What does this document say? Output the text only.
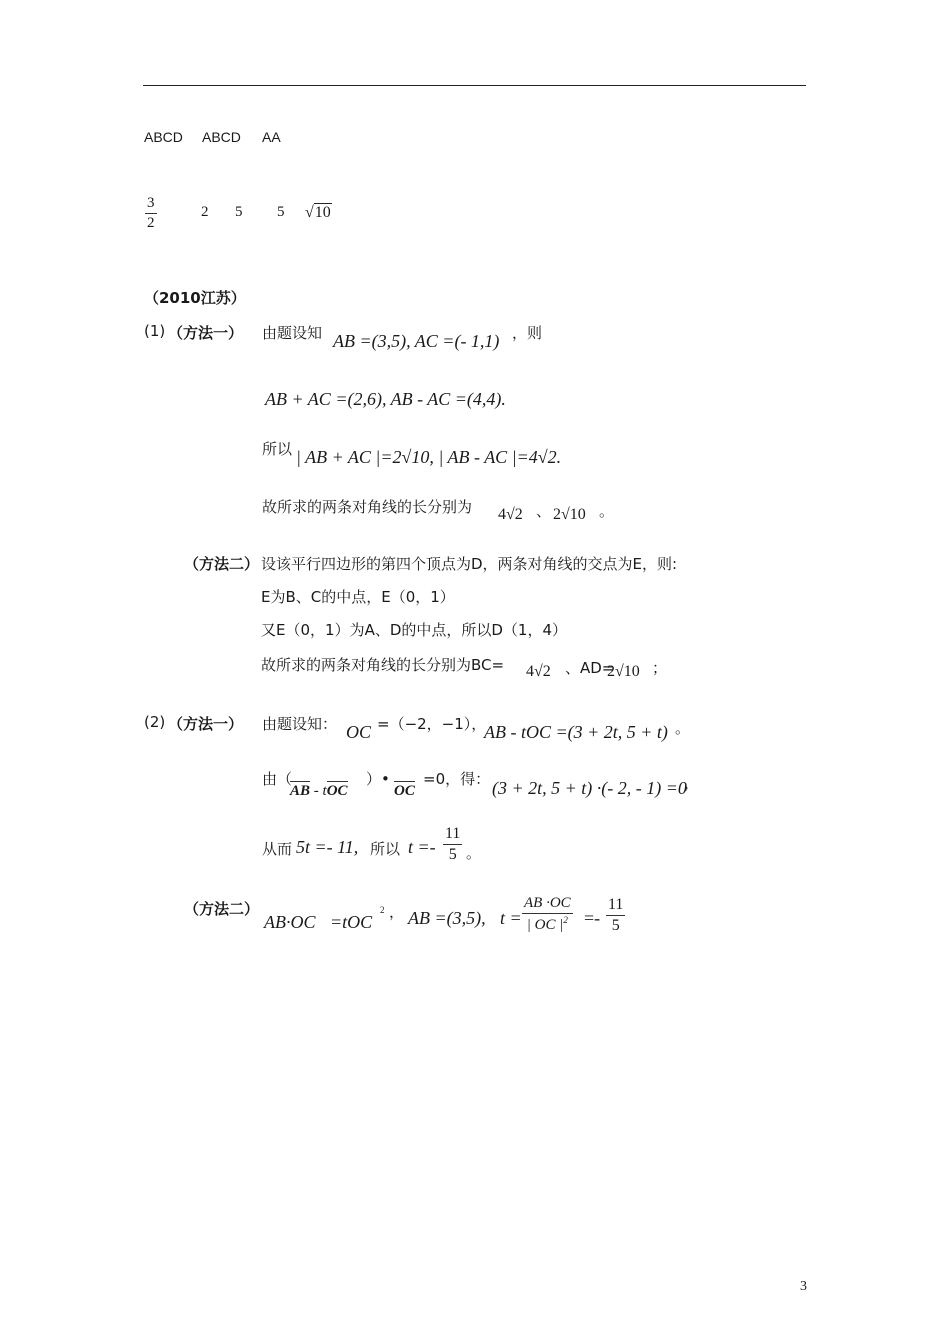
ABCD ABCD AA
$\frac{3}{2}$	2 5 5 √10
（2010江苏）
(1) （方法一） 由题设知 AB =(3,5), AC =(- 1,1) ，则
AB + AC =(2,6), AB - AC =(4,4).
所以 | AB + AC |=2√10, | AB - AC |=4√2.
故所求的两条对角线的长分别为 4√2 、 2√10 。
（方法二） 设该平行四边形的第四个顶点为D，两条对角线的交点为E，则:
E为B、C的中点，E（0，1）
又E（0，1）为A、D的中点，所以D（1，4）
故所求的两条对角线的长分别为BC= 4√2 、AD=
2√10 ；
(2) （方法一） 由题设知： OC =（−2，−1），
AB - tOC =(3 + 2t, 5 + t) 。
由（
AB - tOC
）•
OC
=0，得： (3 + 2t, 5 + t) ·(- 2, - 1) =0
，
从而 5t =- 11, 所以 $t =- \frac{11}{5}$ 。
（方法二）
AB·OC =tOC
2 ， AB =(3,5), $t = \frac{AB \cdot OC}{| OC |^2} =- \frac{11}{5}$
3
